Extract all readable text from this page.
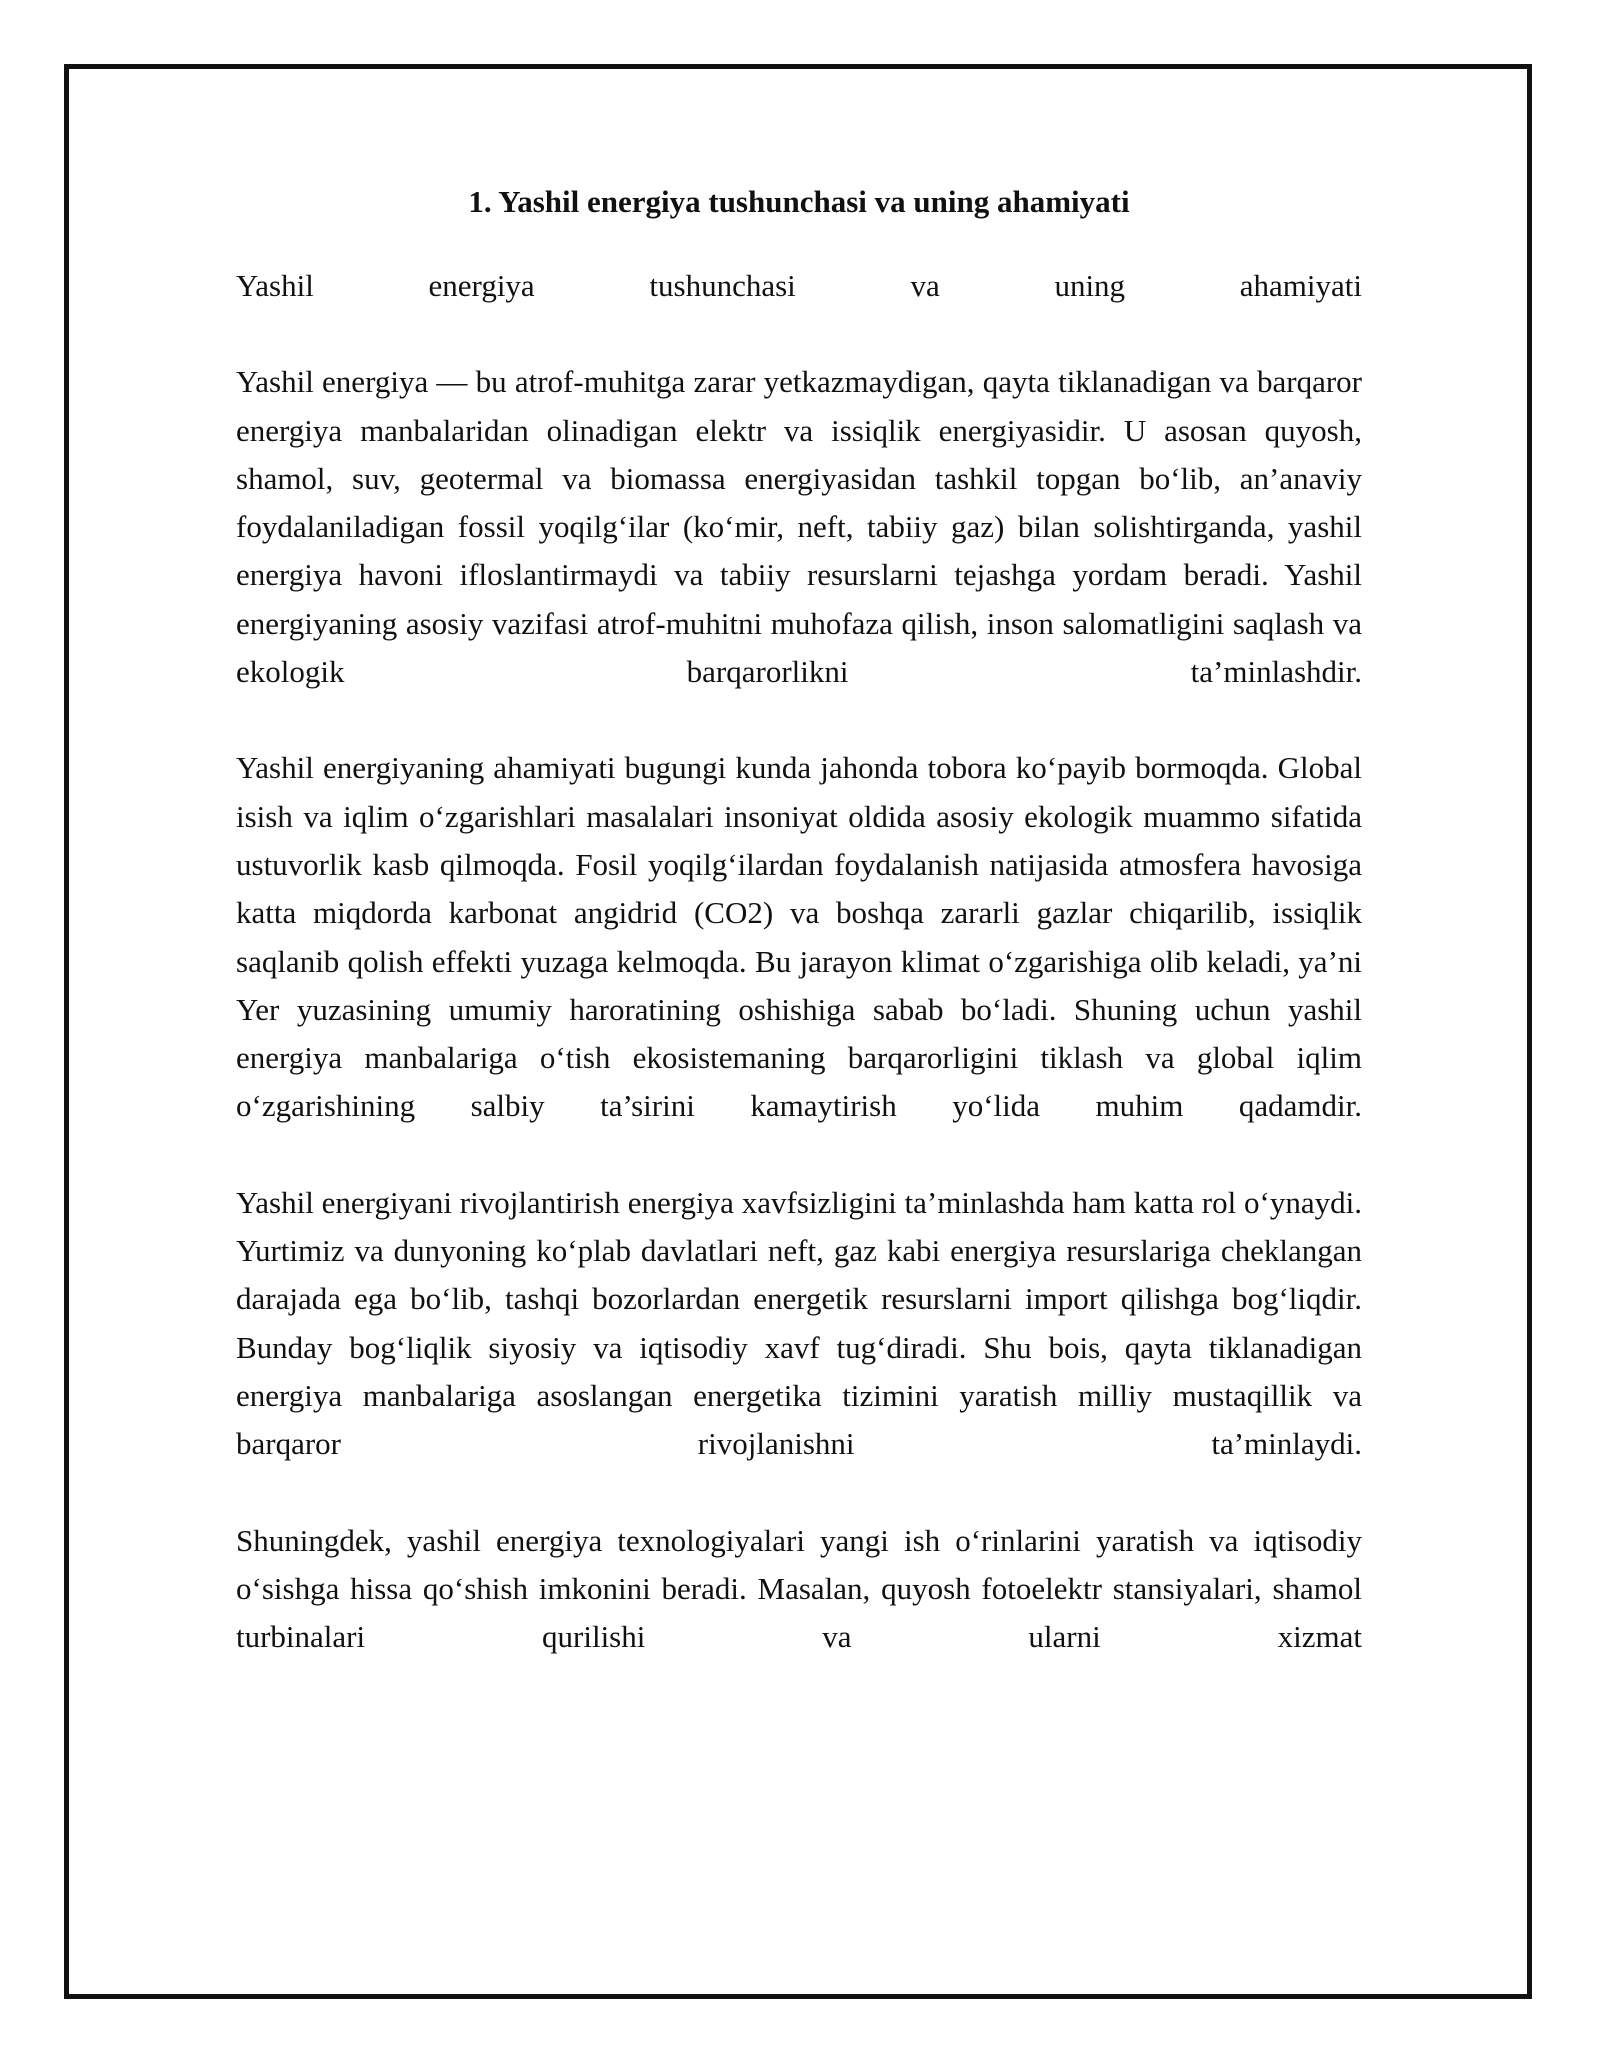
1. Yashil energiya tushunchasi va uning ahamiyati

Yashil energiya tushunchasi va uning ahamiyati

Yashil energiya — bu atrof-muhitga zarar yetkazmaydigan, qayta tiklanadigan va barqaror energiya manbalaridan olinadigan elektr va issiqlik energiyasidir. U asosan quyosh, shamol, suv, geotermal va biomassa energiyasidan tashkil topgan bo‘lib, an’anaviy foydalaniladigan fossil yoqilg‘ilar (ko‘mir, neft, tabiiy gaz) bilan solishtirganda, yashil energiya havoni ifloslantirmaydi va tabiiy resurslarni tejashga yordam beradi. Yashil energiyaning asosiy vazifasi atrof-muhitni muhofaza qilish, inson salomatligini saqlash va ekologik barqarorlikni ta’minlashdir.

Yashil energiyaning ahamiyati bugungi kunda jahonda tobora ko‘payib bormoqda. Global isish va iqlim o‘zgarishlari masalalari insoniyat oldida asosiy ekologik muammo sifatida ustuvorlik kasb qilmoqda. Fosil yoqilg‘ilardan foydalanish natijasida atmosfera havosiga katta miqdorda karbonat angidrid (CO2) va boshqa zararli gazlar chiqarilib, issiqlik saqlanib qolish effekti yuzaga kelmoqda. Bu jarayon klimat o‘zgarishiga olib keladi, ya’ni Yer yuzasining umumiy haroratining oshishiga sabab bo‘ladi. Shuning uchun yashil energiya manbalariga o‘tish ekosistemaning barqarorligini tiklash va global iqlim o‘zgarishining salbiy ta’sirini kamaytirish yo‘lida muhim qadamdir.

Yashil energiyani rivojlantirish energiya xavfsizligini ta’minlashda ham katta rol o‘ynaydi. Yurtimiz va dunyoning ko‘plab davlatlari neft, gaz kabi energiya resurslariga cheklangan darajada ega bo‘lib, tashqi bozorlardan energetik resurslarni import qilishga bog‘liqdir. Bunday bog‘liqlik siyosiy va iqtisodiy xavf tug‘diradi. Shu bois, qayta tiklanadigan energiya manbalariga asoslangan energetika tizimini yaratish milliy mustaqillik va barqaror rivojlanishni ta’minlaydi.

Shuningdek, yashil energiya texnologiyalari yangi ish o‘rinlarini yaratish va iqtisodiy o‘sishga hissa qo‘shish imkonini beradi. Masalan, quyosh fotoelektr stansiyalari, shamol turbinalari qurilishi va ularni xizmat
